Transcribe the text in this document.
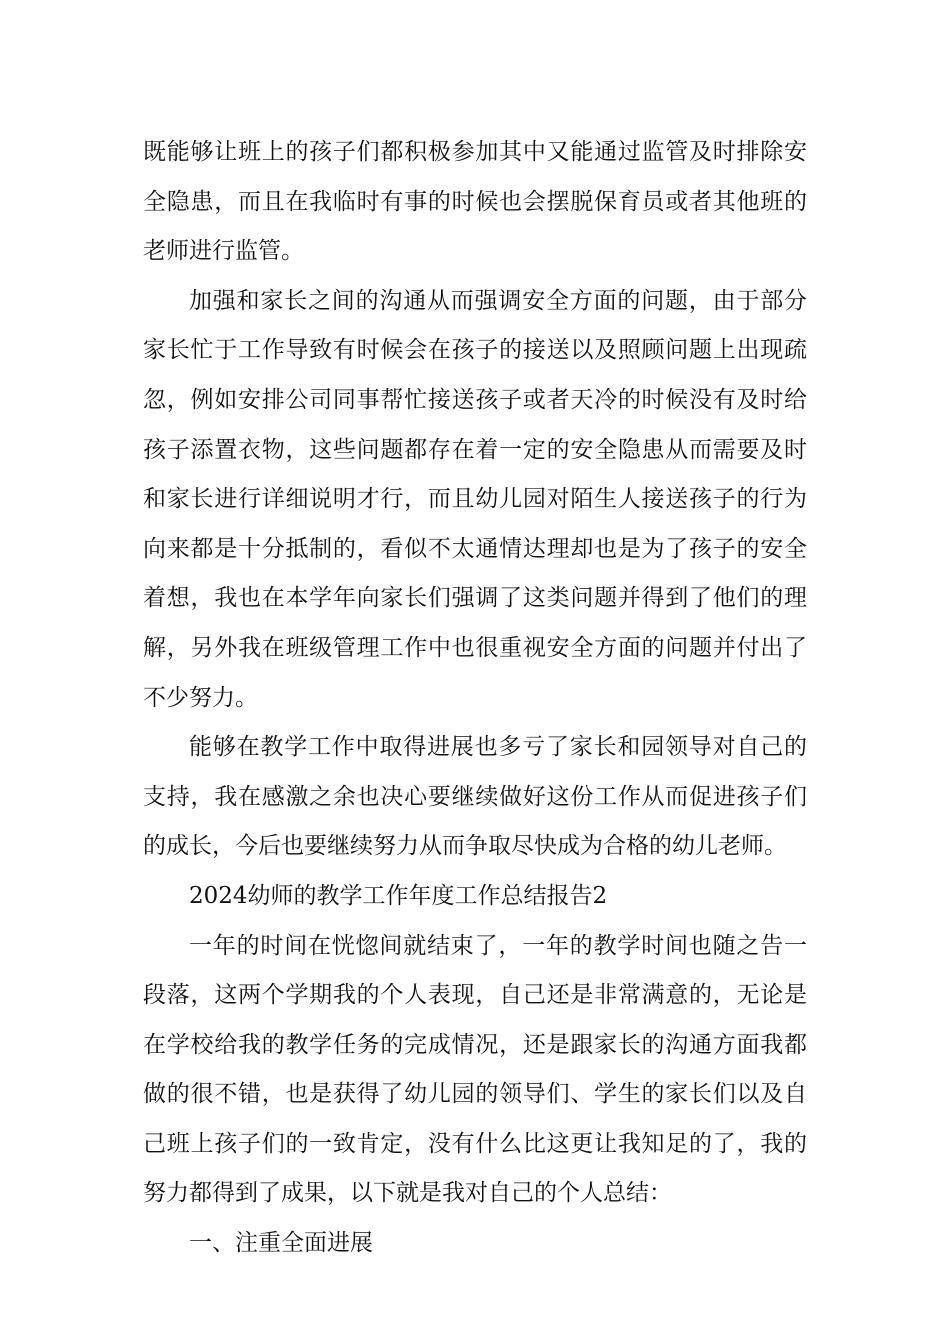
既能够让班上的孩子们都积极参加其中又能通过监管及时排除安全隐患，而且在我临时有事的时候也会摆脱保育员或者其他班的老师进行监管。

加强和家长之间的沟通从而强调安全方面的问题，由于部分家长忙于工作导致有时候会在孩子的接送以及照顾问题上出现疏忽，例如安排公司同事帮忙接送孩子或者天冷的时候没有及时给孩子添置衣物，这些问题都存在着一定的安全隐患从而需要及时和家长进行详细说明才行，而且幼儿园对陌生人接送孩子的行为向来都是十分抵制的，看似不太通情达理却也是为了孩子的安全着想，我也在本学年向家长们强调了这类问题并得到了他们的理解，另外我在班级管理工作中也很重视安全方面的问题并付出了不少努力。

能够在教学工作中取得进展也多亏了家长和园领导对自己的支持，我在感激之余也决心要继续做好这份工作从而促进孩子们的成长，今后也要继续努力从而争取尽快成为合格的幼儿老师。

2024幼师的教学工作年度工作总结报告2

一年的时间在恍惚间就结束了，一年的教学时间也随之告一段落，这两个学期我的个人表现，自己还是非常满意的，无论是在学校给我的教学任务的完成情况，还是跟家长的沟通方面我都做的很不错，也是获得了幼儿园的领导们、学生的家长们以及自己班上孩子们的一致肯定，没有什么比这更让我知足的了，我的努力都得到了成果，以下就是我对自己的个人总结：

一、注重全面进展
